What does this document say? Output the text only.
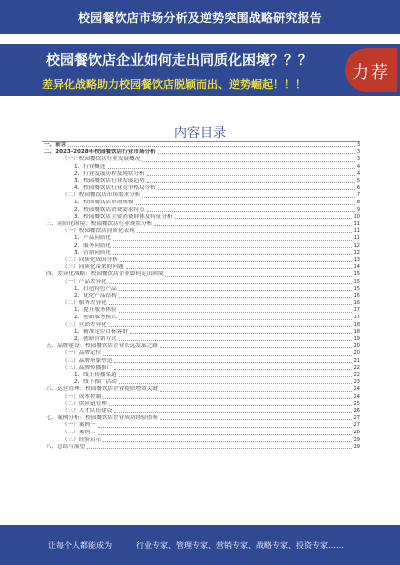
校园餐饮店市场分析及逆势突围战略研究报告
校园餐饮店企业如何走出同质化困境？？？
差异化战略助力校园餐饮店脱颖而出、逆势崛起！！！
力荐
内容目录
一、前言	3
二、2023-2028年校园餐饮店行业市场分析	3
（一）校园餐饮店行业发展概况	3
1、行业概述	4
2、行业发展历程及现状分析	4
3、校园餐饮店行业发展趋势	5
4、校园餐饮店行业竞争格局分析	6
（二）校园餐饮店市场需求分析	7
1、校园餐饮店市场规模	8
2、校园餐饮店消费需求特点	9
3、校园餐饮店主要消费群体及特征分析	10
三、同质化困境：校园餐饮店行业现状分析	11
（一）校园餐饮店同质化表现	11
1、产品同质化	11
2、服务同质化	12
3、营销同质化	12
（二）同质化成因分析	13
（三）同质化带来的问题	14
四、差异化战略：校园餐饮店企业如何走出困境	15
（一）产品差异化	15
1、打造特色产品	15
2、优化产品结构	16
（二）服务差异化	16
1、提升服务体验	17
2、创新服务模式	17
（三）营销差异化	18
1、精准定位目标客群	18
2、创新营销方式	19
五、品牌建设：校园餐饮店企业长远发展之路	20
（一）品牌定位	20
（二）品牌形象塑造	21
（三）品牌传播推广	22
1、线上传播渠道	22
2、线下推广活动	23
六、运营管理：校园餐饮店企业提质增效关键	24
（一）成本控制	24
（二）供应链管理	25
（三）人才队伍建设	26
七、案例分析：校园餐饮店企业成功经验借鉴	27
（一）案例一	27
（二）案例二	28
（三）经验启示	29
八、总结与展望	29
让每个人都能成为	行业专家、管理专家、营销专家、战略专家、投资专家……
